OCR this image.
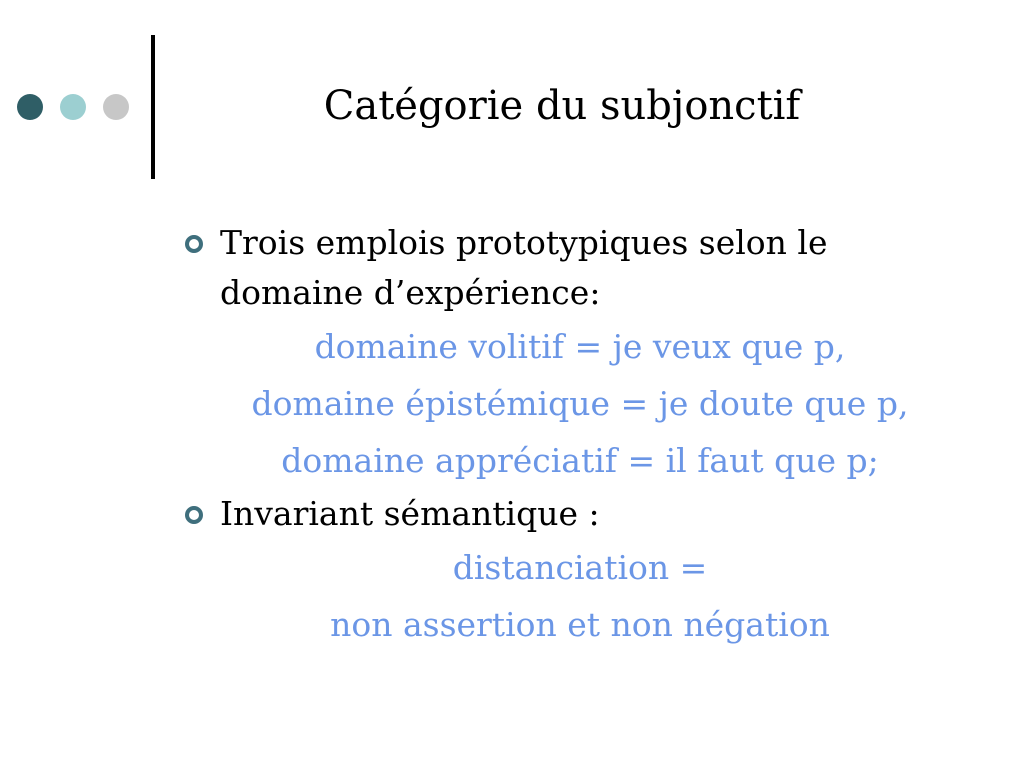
Catégorie du subjonctif
Trois emplois prototypiques selon le domaine d’expérience:
domaine volitif = je veux que p,
domaine épistémique = je doute que p,
domaine appréciatif = il faut que p;
Invariant sémantique :
distanciation =
non assertion et non négation
